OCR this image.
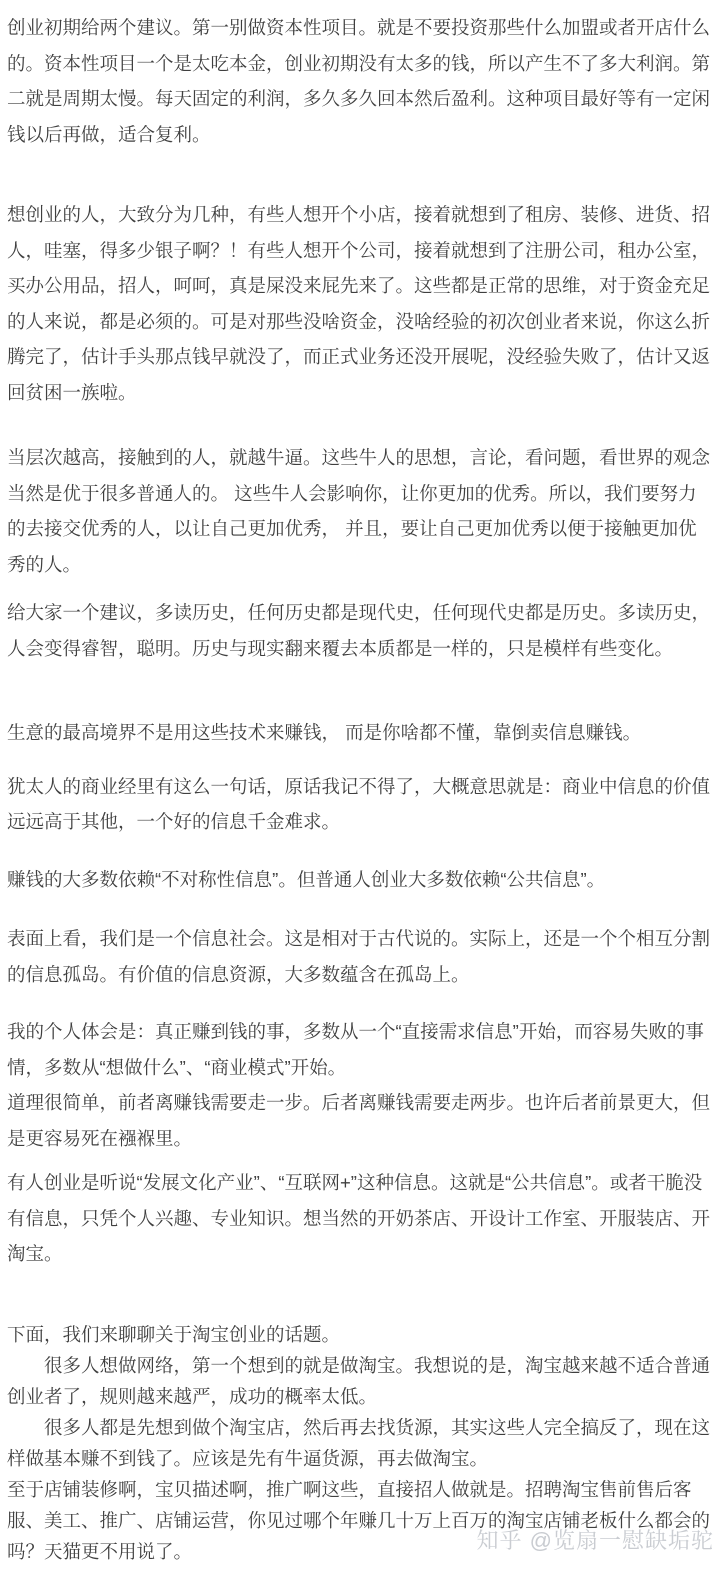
创业初期给两个建议。第一别做资本性项目。就是不要投资那些什么加盟或者开店什么的。资本性项目一个是太吃本金，创业初期没有太多的钱，所以产生不了多大利润。第二就是周期太慢。每天固定的利润，多久多久回本然后盈利。这种项目最好等有一定闲钱以后再做，适合复利。

想创业的人，大致分为几种，有些人想开个小店，接着就想到了租房、装修、进货、招人，哇塞，得多少银子啊？！有些人想开个公司，接着就想到了注册公司，租办公室，买办公用品，招人，呵呵，真是屎没来屁先来了。这些都是正常的思维，对于资金充足的人来说，都是必须的。可是对那些没啥资金，没啥经验的初次创业者来说，你这么折腾完了，估计手头那点钱早就没了，而正式业务还没开展呢，没经验失败了，估计又返回贫困一族啦。

当层次越高，接触到的人，就越牛逼。这些牛人的思想，言论，看问题，看世界的观念当然是优于很多普通人的。 这些牛人会影响你，让你更加的优秀。所以，我们要努力的去接交优秀的人，以让自己更加优秀， 并且，要让自己更加优秀以便于接触更加优秀的人。

给大家一个建议，多读历史，任何历史都是现代史，任何现代史都是历史。多读历史，人会变得睿智，聪明。历史与现实翻来覆去本质都是一样的，只是模样有些变化。

生意的最高境界不是用这些技术来赚钱， 而是你啥都不懂，靠倒卖信息赚钱。

犹太人的商业经里有这么一句话，原话我记不得了，大概意思就是：商业中信息的价值远远高于其他，一个好的信息千金难求。

赚钱的大多数依赖“不对称性信息”。但普通人创业大多数依赖“公共信息”。

表面上看，我们是一个信息社会。这是相对于古代说的。实际上，还是一个个相互分割的信息孤岛。有价值的信息资源，大多数蕴含在孤岛上。

我的个人体会是：真正赚到钱的事，多数从一个“直接需求信息”开始，而容易失败的事情，多数从“想做什么”、“商业模式”开始。
道理很简单，前者离赚钱需要走一步。后者离赚钱需要走两步。也许后者前景更大，但是更容易死在襁褓里。

有人创业是听说“发展文化产业”、“互联网+”这种信息。这就是“公共信息”。或者干脆没有信息，只凭个人兴趣、专业知识。想当然的开奶茶店、开设计工作室、开服装店、开淘宝。

下面，我们来聊聊关于淘宝创业的话题。
很多人想做网络，第一个想到的就是做淘宝。我想说的是，淘宝越来越不适合普通创业者了，规则越来越严，成功的概率太低。
很多人都是先想到做个淘宝店，然后再去找货源，其实这些人完全搞反了，现在这样做基本赚不到钱了。应该是先有牛逼货源，再去做淘宝。
至于店铺装修啊，宝贝描述啊，推广啊这些，直接招人做就是。招聘淘宝售前售后客服、美工、推广、店铺运营，你见过哪个年赚几十万上百万的淘宝店铺老板什么都会的吗？天猫更不用说了。	知乎 @览扇一慰缺垢驼
